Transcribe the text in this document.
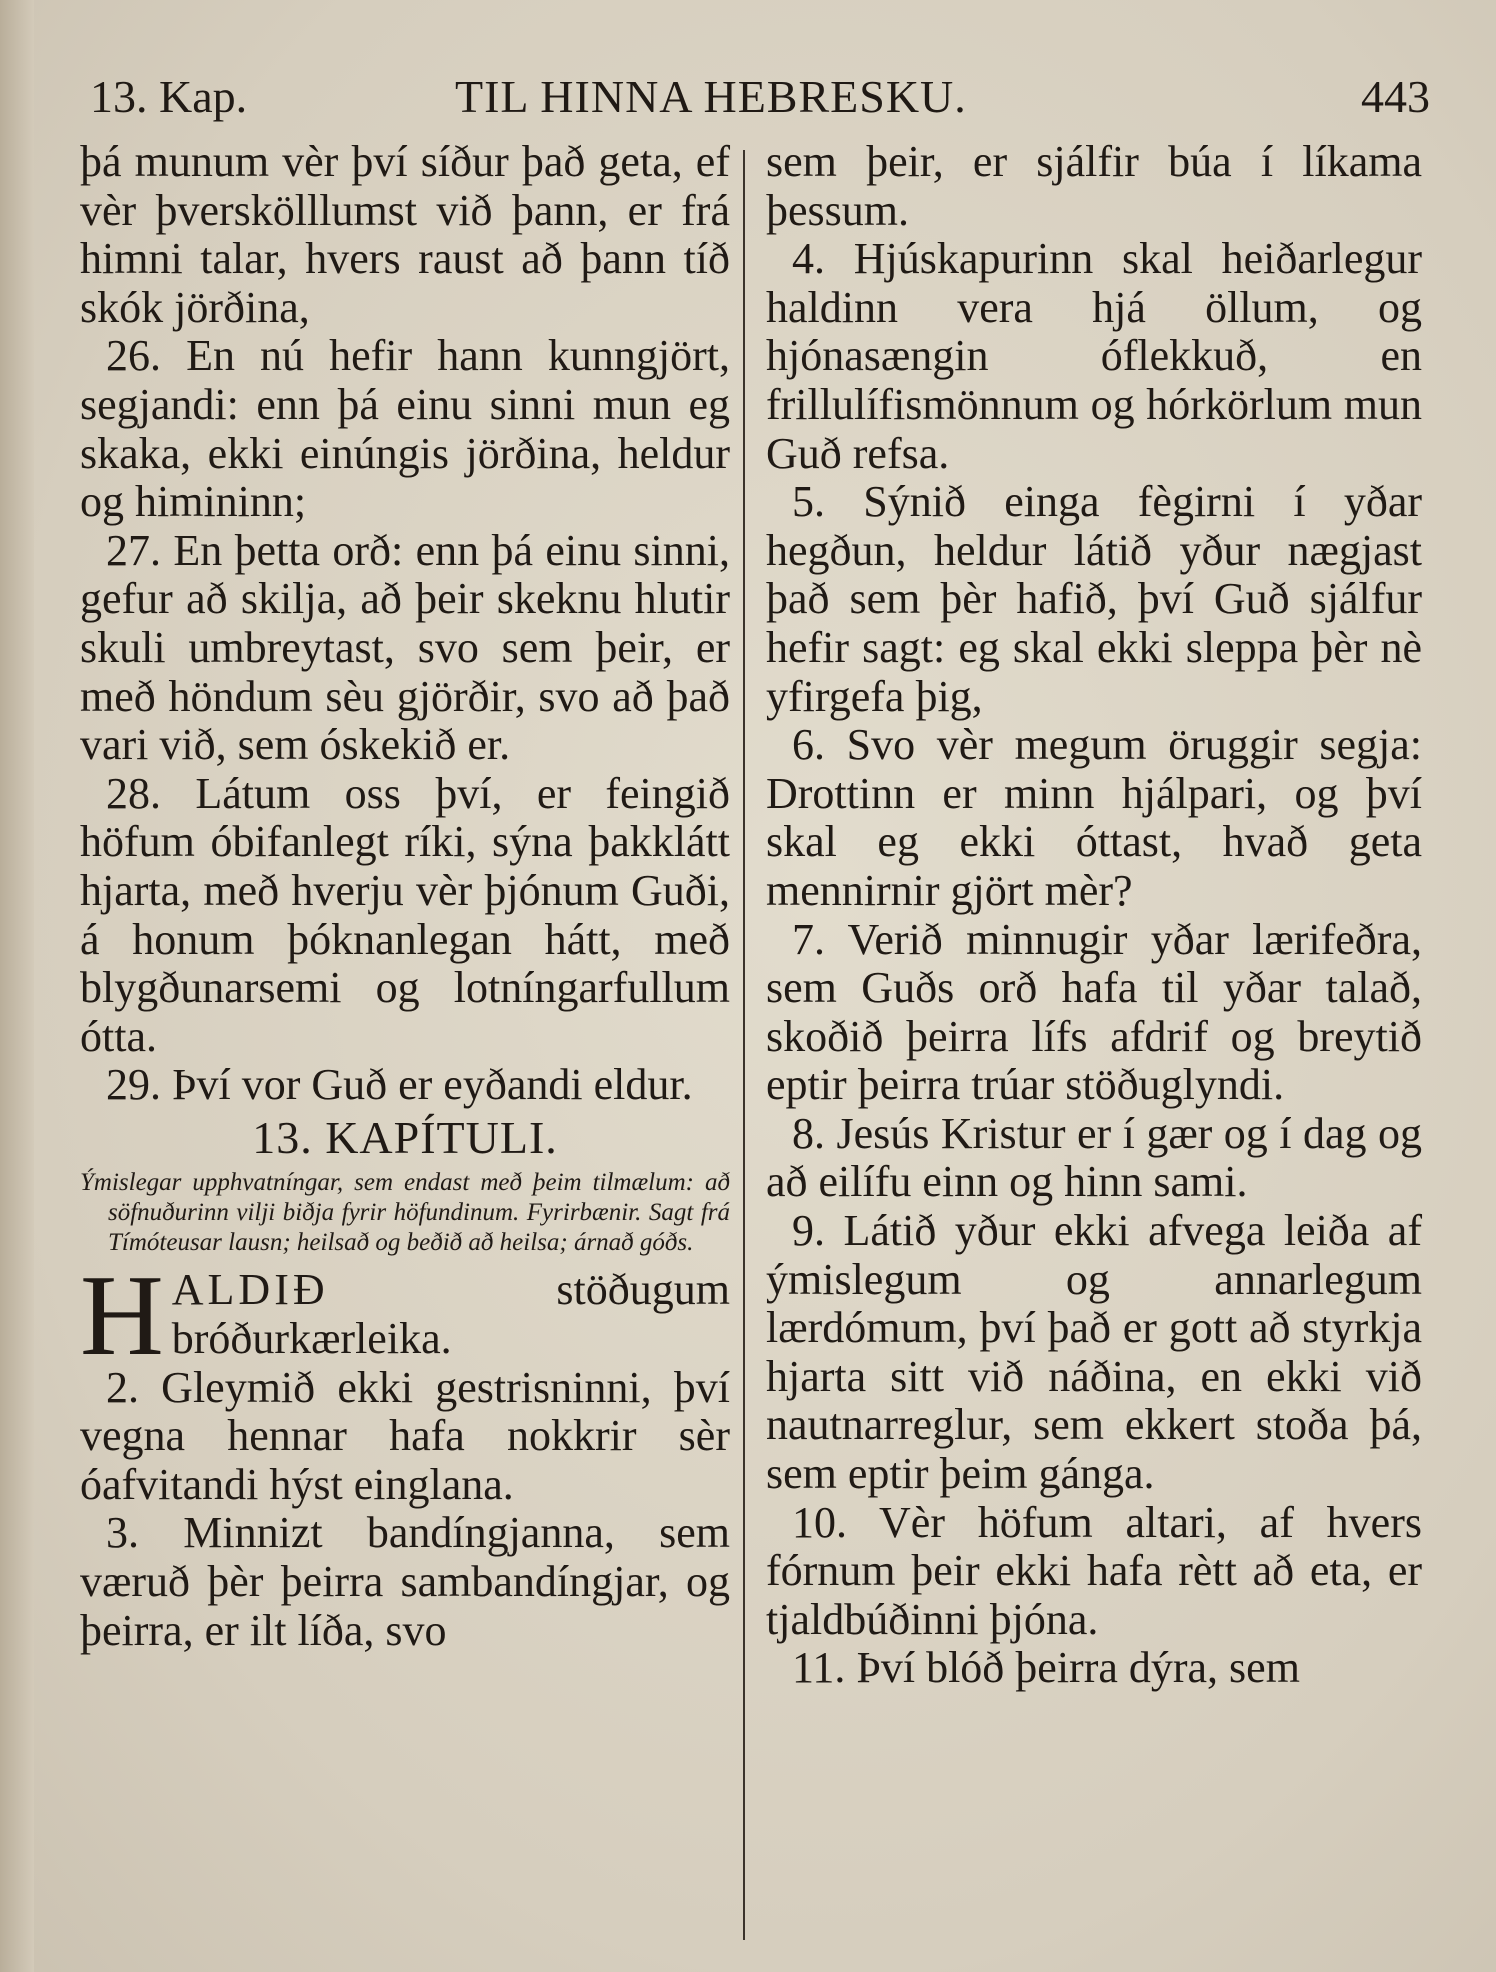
13. Kap.	TIL HINNA HEBRESKU.	443

þá munum vèr því síður það geta, ef vèr þverskölllumst við þann, er frá himni talar, hvers raust að þann tíð skók jörðina,

26. En nú hefir hann kunngjört, segjandi: enn þá einu sinni mun eg skaka, ekki einúngis jörðina, heldur og himininn;

27. En þetta orð: enn þá einu sinni, gefur að skilja, að þeir skeknu hlutir skuli umbreytast, svo sem þeir, er með höndum sèu gjörðir, svo að það vari við, sem óskekið er.

28. Látum oss því, er feingið höfum óbifanlegt ríki, sýna þakklátt hjarta, með hverju vèr þjónum Guði, á honum þóknanlegan hátt, með blygðunarsemi og lotníngarfullum ótta.

29. Því vor Guð er eyðandi eldur.

13. KAPÍTULI.

Ýmislegar upphvatníngar, sem endast með þeim tilmælum: að söfnuðurinn vilji biðja fyrir höfundinum. Fyrirbænir. Sagt frá Tímóteusar lausn; heilsað og beðið að heilsa; árnað góðs.

HALDIÐ stöðugum bróðurkærleika.

2. Gleymið ekki gestrisninni, því vegna hennar hafa nokkrir sèr óafvitandi hýst einglana.

3. Minnizt bandíngjanna, sem væruð þèr þeirra sambandíngjar, og þeirra, er ilt líða, svo

sem þeir, er sjálfir búa í líkama þessum.

4. Hjúskapurinn skal heiðarlegur haldinn vera hjá öllum, og hjónasængin óflekkuð, en frillulífismönnum og hórkörlum mun Guð refsa.

5. Sýnið einga fègirni í yðar hegðun, heldur látið yður nægjast það sem þèr hafið, því Guð sjálfur hefir sagt: eg skal ekki sleppa þèr nè yfirgefa þig,

6. Svo vèr megum öruggir segja: Drottinn er minn hjálpari, og því skal eg ekki óttast, hvað geta mennirnir gjört mèr?

7. Verið minnugir yðar lærifeðra, sem Guðs orð hafa til yðar talað, skoðið þeirra lífs afdrif og breytið eptir þeirra trúar stöðuglyndi.

8. Jesús Kristur er í gær og í dag og að eilífu einn og hinn sami.

9. Látið yður ekki afvega leiða af ýmislegum og annarlegum lærdómum, því það er gott að styrkja hjarta sitt við náðina, en ekki við nautnarreglur, sem ekkert stoða þá, sem eptir þeim gánga.

10. Vèr höfum altari, af hvers fórnum þeir ekki hafa rètt að eta, er tjaldbúðinni þjóna.

11. Því blóð þeirra dýra, sem
